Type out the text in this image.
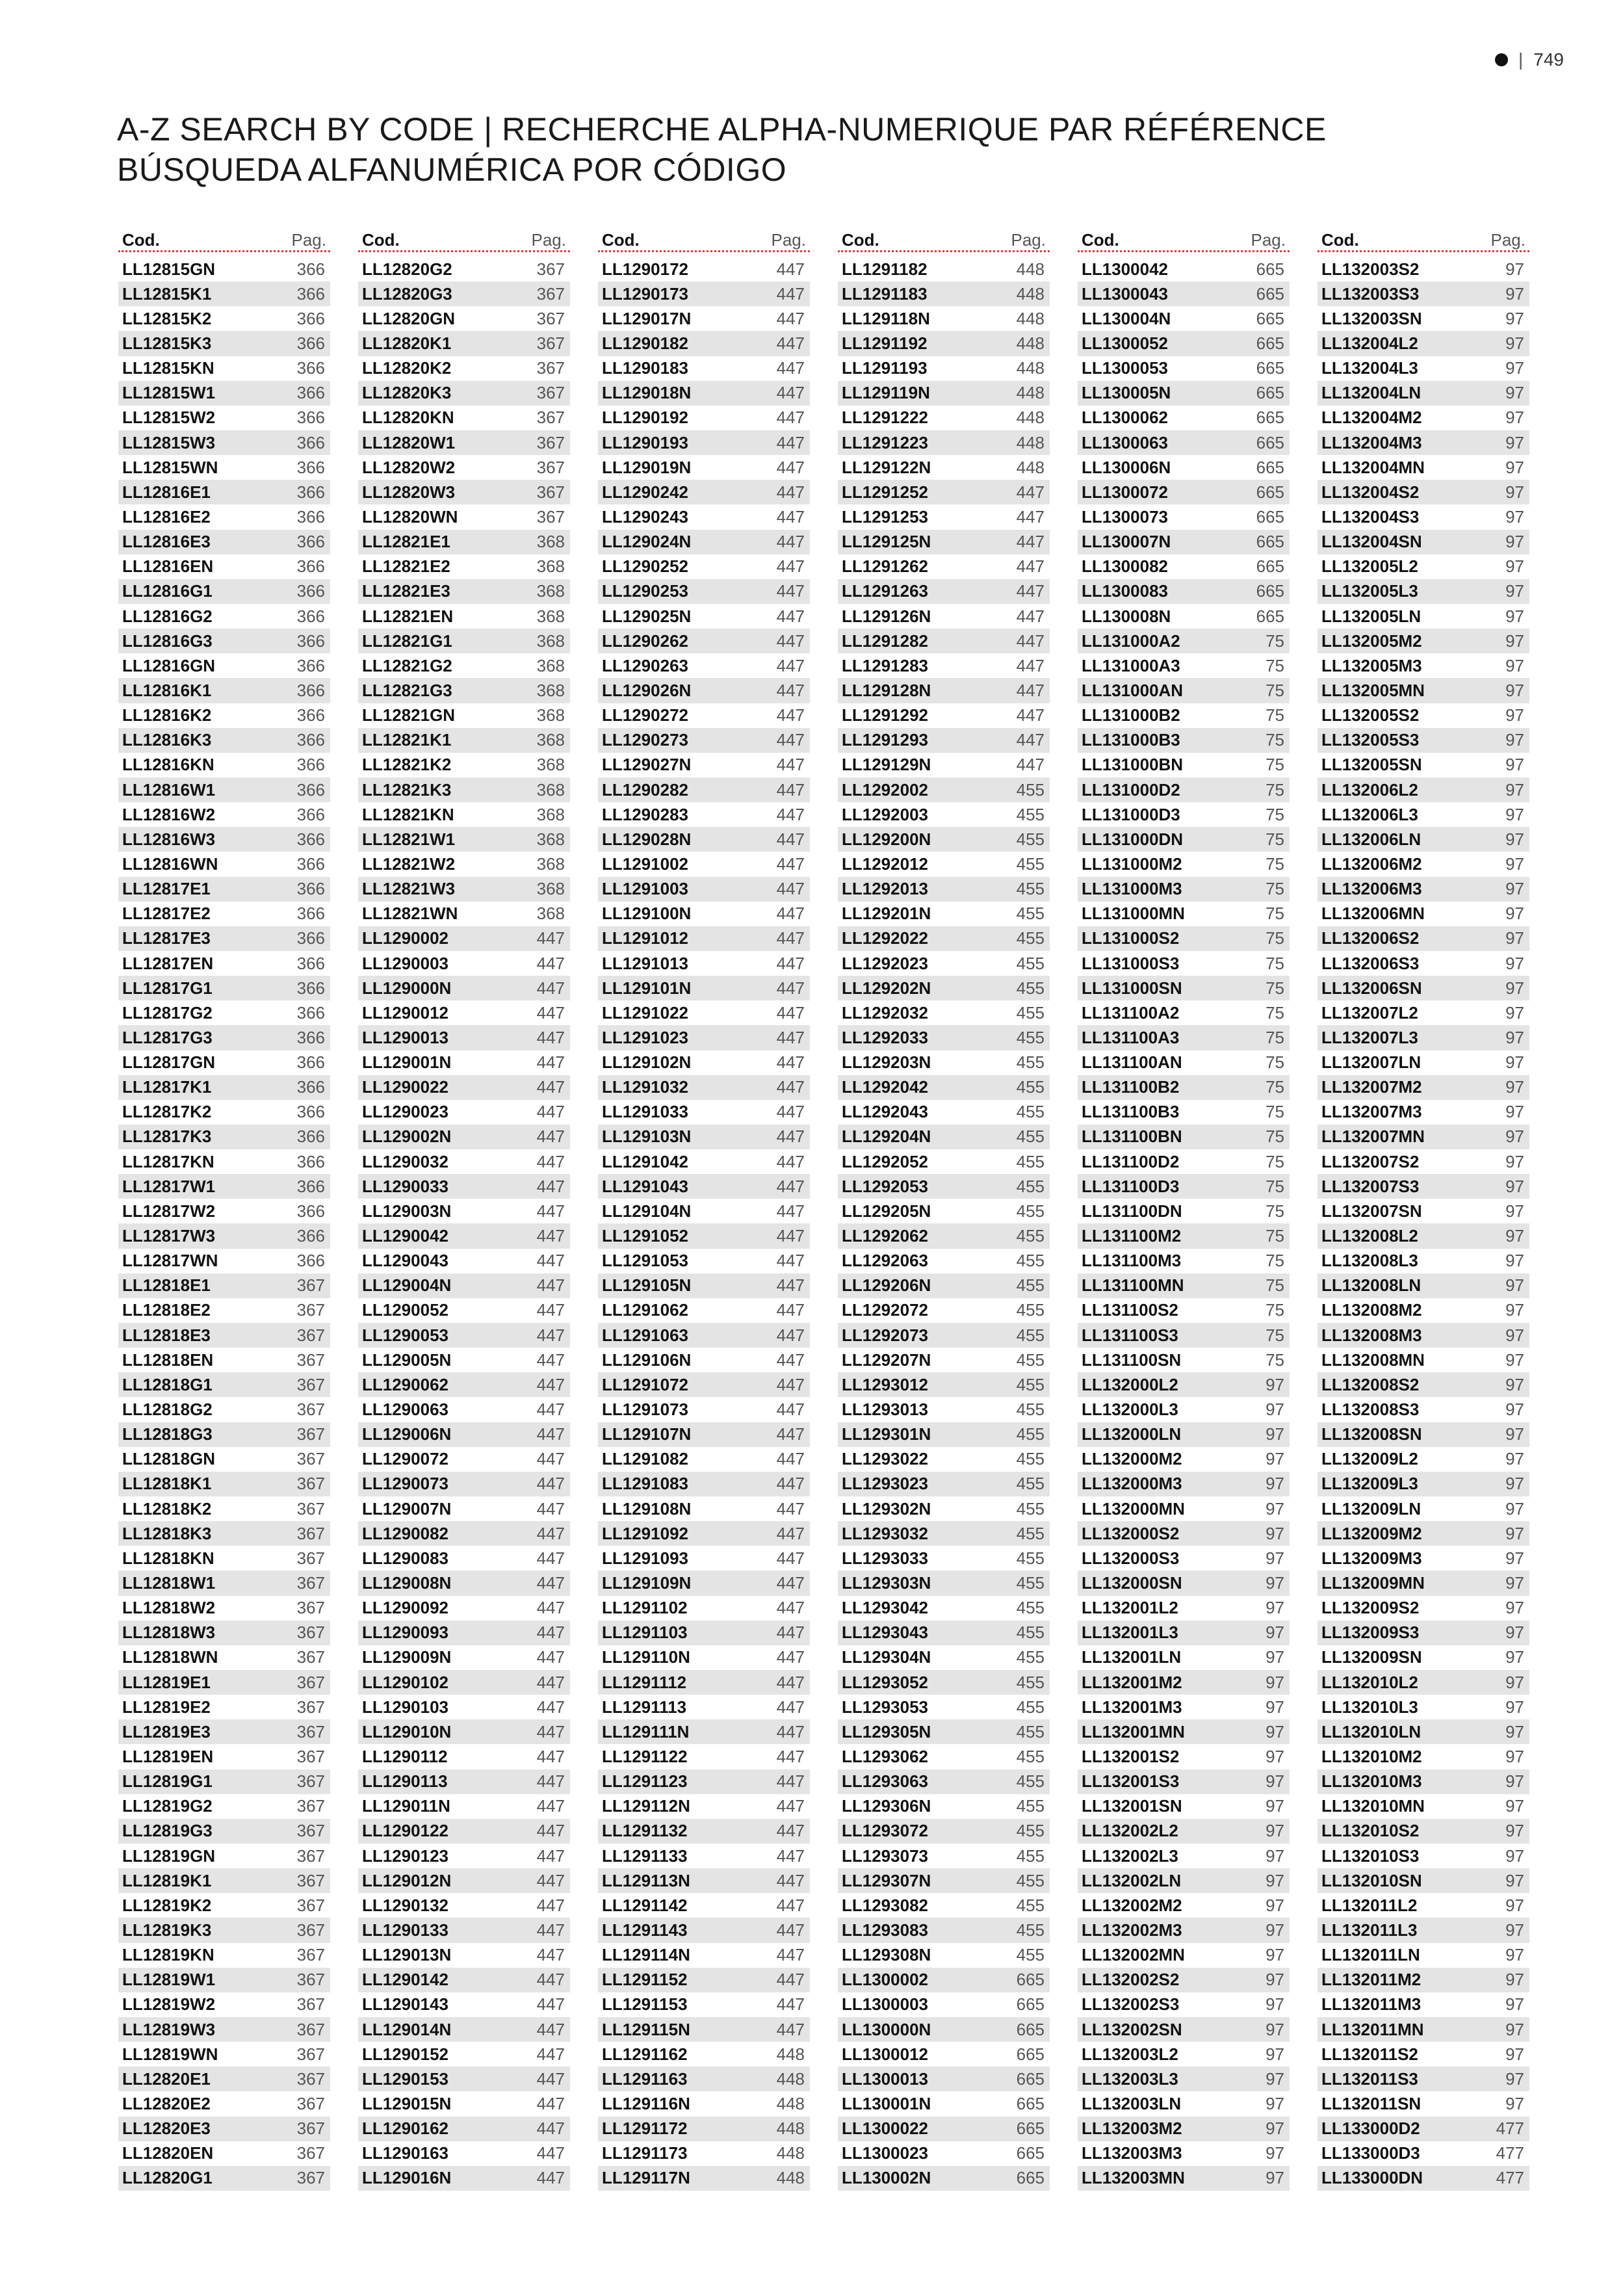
| 749
A-Z SEARCH BY CODE | RECHERCHE ALPHA-NUMERIQUE PAR RÉFÉRENCE
BÚSQUEDA ALFANUMÉRICA POR CÓDIGO
Cod.	Pag.
LL12815GN	366
LL12815K1	366
LL12815K2	366
LL12815K3	366
LL12815KN	366
LL12815W1	366
LL12815W2	366
LL12815W3	366
LL12815WN	366
LL12816E1	366
LL12816E2	366
LL12816E3	366
LL12816EN	366
LL12816G1	366
LL12816G2	366
LL12816G3	366
LL12816GN	366
LL12816K1	366
LL12816K2	366
LL12816K3	366
LL12816KN	366
LL12816W1	366
LL12816W2	366
LL12816W3	366
LL12816WN	366
LL12817E1	366
LL12817E2	366
LL12817E3	366
LL12817EN	366
LL12817G1	366
LL12817G2	366
LL12817G3	366
LL12817GN	366
LL12817K1	366
LL12817K2	366
LL12817K3	366
LL12817KN	366
LL12817W1	366
LL12817W2	366
LL12817W3	366
LL12817WN	366
LL12818E1	367
LL12818E2	367
LL12818E3	367
LL12818EN	367
LL12818G1	367
LL12818G2	367
LL12818G3	367
LL12818GN	367
LL12818K1	367
LL12818K2	367
LL12818K3	367
LL12818KN	367
LL12818W1	367
LL12818W2	367
LL12818W3	367
LL12818WN	367
LL12819E1	367
LL12819E2	367
LL12819E3	367
LL12819EN	367
LL12819G1	367
LL12819G2	367
LL12819G3	367
LL12819GN	367
LL12819K1	367
LL12819K2	367
LL12819K3	367
LL12819KN	367
LL12819W1	367
LL12819W2	367
LL12819W3	367
LL12819WN	367
LL12820E1	367
LL12820E2	367
LL12820E3	367
LL12820EN	367
LL12820G1	367
Cod.	Pag.
LL12820G2	367
LL12820G3	367
LL12820GN	367
LL12820K1	367
LL12820K2	367
LL12820K3	367
LL12820KN	367
LL12820W1	367
LL12820W2	367
LL12820W3	367
LL12820WN	367
LL12821E1	368
LL12821E2	368
LL12821E3	368
LL12821EN	368
LL12821G1	368
LL12821G2	368
LL12821G3	368
LL12821GN	368
LL12821K1	368
LL12821K2	368
LL12821K3	368
LL12821KN	368
LL12821W1	368
LL12821W2	368
LL12821W3	368
LL12821WN	368
LL1290002	447
LL1290003	447
LL129000N	447
LL1290012	447
LL1290013	447
LL129001N	447
LL1290022	447
LL1290023	447
LL129002N	447
LL1290032	447
LL1290033	447
LL129003N	447
LL1290042	447
LL1290043	447
LL129004N	447
LL1290052	447
LL1290053	447
LL129005N	447
LL1290062	447
LL1290063	447
LL129006N	447
LL1290072	447
LL1290073	447
LL129007N	447
LL1290082	447
LL1290083	447
LL129008N	447
LL1290092	447
LL1290093	447
LL129009N	447
LL1290102	447
LL1290103	447
LL129010N	447
LL1290112	447
LL1290113	447
LL129011N	447
LL1290122	447
LL1290123	447
LL129012N	447
LL1290132	447
LL1290133	447
LL129013N	447
LL1290142	447
LL1290143	447
LL129014N	447
LL1290152	447
LL1290153	447
LL129015N	447
LL1290162	447
LL1290163	447
LL129016N	447
Cod.	Pag.
LL1290172	447
LL1290173	447
LL129017N	447
LL1290182	447
LL1290183	447
LL129018N	447
LL1290192	447
LL1290193	447
LL129019N	447
LL1290242	447
LL1290243	447
LL129024N	447
LL1290252	447
LL1290253	447
LL129025N	447
LL1290262	447
LL1290263	447
LL129026N	447
LL1290272	447
LL1290273	447
LL129027N	447
LL1290282	447
LL1290283	447
LL129028N	447
LL1291002	447
LL1291003	447
LL129100N	447
LL1291012	447
LL1291013	447
LL129101N	447
LL1291022	447
LL1291023	447
LL129102N	447
LL1291032	447
LL1291033	447
LL129103N	447
LL1291042	447
LL1291043	447
LL129104N	447
LL1291052	447
LL1291053	447
LL129105N	447
LL1291062	447
LL1291063	447
LL129106N	447
LL1291072	447
LL1291073	447
LL129107N	447
LL1291082	447
LL1291083	447
LL129108N	447
LL1291092	447
LL1291093	447
LL129109N	447
LL1291102	447
LL1291103	447
LL129110N	447
LL1291112	447
LL1291113	447
LL129111N	447
LL1291122	447
LL1291123	447
LL129112N	447
LL1291132	447
LL1291133	447
LL129113N	447
LL1291142	447
LL1291143	447
LL129114N	447
LL1291152	447
LL1291153	447
LL129115N	447
LL1291162	448
LL1291163	448
LL129116N	448
LL1291172	448
LL1291173	448
LL129117N	448
Cod.	Pag.
LL1291182	448
LL1291183	448
LL129118N	448
LL1291192	448
LL1291193	448
LL129119N	448
LL1291222	448
LL1291223	448
LL129122N	448
LL1291252	447
LL1291253	447
LL129125N	447
LL1291262	447
LL1291263	447
LL129126N	447
LL1291282	447
LL1291283	447
LL129128N	447
LL1291292	447
LL1291293	447
LL129129N	447
LL1292002	455
LL1292003	455
LL129200N	455
LL1292012	455
LL1292013	455
LL129201N	455
LL1292022	455
LL1292023	455
LL129202N	455
LL1292032	455
LL1292033	455
LL129203N	455
LL1292042	455
LL1292043	455
LL129204N	455
LL1292052	455
LL1292053	455
LL129205N	455
LL1292062	455
LL1292063	455
LL129206N	455
LL1292072	455
LL1292073	455
LL129207N	455
LL1293012	455
LL1293013	455
LL129301N	455
LL1293022	455
LL1293023	455
LL129302N	455
LL1293032	455
LL1293033	455
LL129303N	455
LL1293042	455
LL1293043	455
LL129304N	455
LL1293052	455
LL1293053	455
LL129305N	455
LL1293062	455
LL1293063	455
LL129306N	455
LL1293072	455
LL1293073	455
LL129307N	455
LL1293082	455
LL1293083	455
LL129308N	455
LL1300002	665
LL1300003	665
LL130000N	665
LL1300012	665
LL1300013	665
LL130001N	665
LL1300022	665
LL1300023	665
LL130002N	665
Cod.	Pag.
LL1300042	665
LL1300043	665
LL130004N	665
LL1300052	665
LL1300053	665
LL130005N	665
LL1300062	665
LL1300063	665
LL130006N	665
LL1300072	665
LL1300073	665
LL130007N	665
LL1300082	665
LL1300083	665
LL130008N	665
LL131000A2	75
LL131000A3	75
LL131000AN	75
LL131000B2	75
LL131000B3	75
LL131000BN	75
LL131000D2	75
LL131000D3	75
LL131000DN	75
LL131000M2	75
LL131000M3	75
LL131000MN	75
LL131000S2	75
LL131000S3	75
LL131000SN	75
LL131100A2	75
LL131100A3	75
LL131100AN	75
LL131100B2	75
LL131100B3	75
LL131100BN	75
LL131100D2	75
LL131100D3	75
LL131100DN	75
LL131100M2	75
LL131100M3	75
LL131100MN	75
LL131100S2	75
LL131100S3	75
LL131100SN	75
LL132000L2	97
LL132000L3	97
LL132000LN	97
LL132000M2	97
LL132000M3	97
LL132000MN	97
LL132000S2	97
LL132000S3	97
LL132000SN	97
LL132001L2	97
LL132001L3	97
LL132001LN	97
LL132001M2	97
LL132001M3	97
LL132001MN	97
LL132001S2	97
LL132001S3	97
LL132001SN	97
LL132002L2	97
LL132002L3	97
LL132002LN	97
LL132002M2	97
LL132002M3	97
LL132002MN	97
LL132002S2	97
LL132002S3	97
LL132002SN	97
LL132003L2	97
LL132003L3	97
LL132003LN	97
LL132003M2	97
LL132003M3	97
LL132003MN	97
Cod.	Pag.
LL132003S2	97
LL132003S3	97
LL132003SN	97
LL132004L2	97
LL132004L3	97
LL132004LN	97
LL132004M2	97
LL132004M3	97
LL132004MN	97
LL132004S2	97
LL132004S3	97
LL132004SN	97
LL132005L2	97
LL132005L3	97
LL132005LN	97
LL132005M2	97
LL132005M3	97
LL132005MN	97
LL132005S2	97
LL132005S3	97
LL132005SN	97
LL132006L2	97
LL132006L3	97
LL132006LN	97
LL132006M2	97
LL132006M3	97
LL132006MN	97
LL132006S2	97
LL132006S3	97
LL132006SN	97
LL132007L2	97
LL132007L3	97
LL132007LN	97
LL132007M2	97
LL132007M3	97
LL132007MN	97
LL132007S2	97
LL132007S3	97
LL132007SN	97
LL132008L2	97
LL132008L3	97
LL132008LN	97
LL132008M2	97
LL132008M3	97
LL132008MN	97
LL132008S2	97
LL132008S3	97
LL132008SN	97
LL132009L2	97
LL132009L3	97
LL132009LN	97
LL132009M2	97
LL132009M3	97
LL132009MN	97
LL132009S2	97
LL132009S3	97
LL132009SN	97
LL132010L2	97
LL132010L3	97
LL132010LN	97
LL132010M2	97
LL132010M3	97
LL132010MN	97
LL132010S2	97
LL132010S3	97
LL132010SN	97
LL132011L2	97
LL132011L3	97
LL132011LN	97
LL132011M2	97
LL132011M3	97
LL132011MN	97
LL132011S2	97
LL132011S3	97
LL132011SN	97
LL133000D2	477
LL133000D3	477
LL133000DN	477
